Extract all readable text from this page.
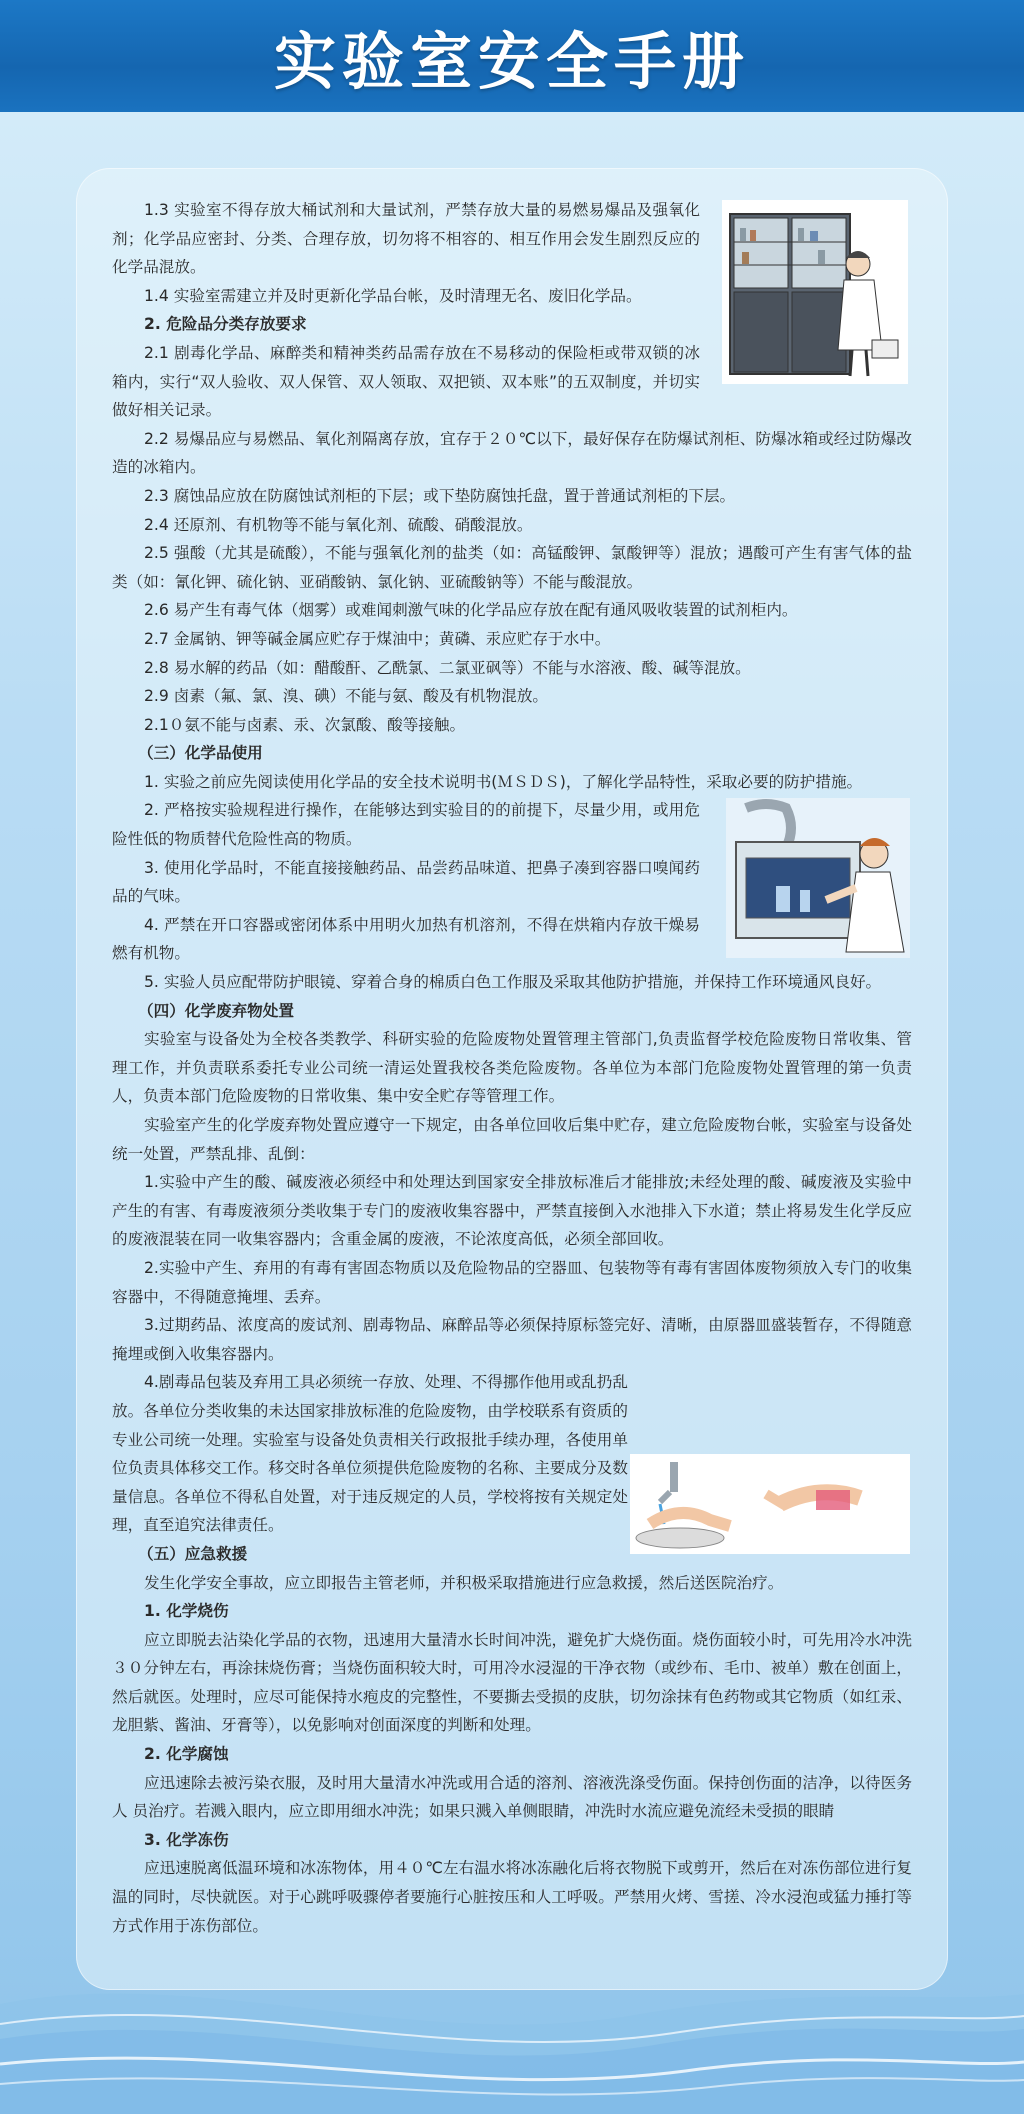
实验室安全手册

1.3 实验室不得存放大桶试剂和大量试剂，严禁存放大量的易燃易爆品及强氧化剂；化学品应密封、分类、合理存放，切勿将不相容的、相互作用会发生剧烈反应的化学品混放。

1.4 实验室需建立并及时更新化学品台帐，及时清理无名、废旧化学品。

2. 危险品分类存放要求

2.1 剧毒化学品、麻醉类和精神类药品需存放在不易移动的保险柜或带双锁的冰箱内，实行“双人验收、双人保管、双人领取、双把锁、双本账”的五双制度，并切实做好相关记录。

2.2 易爆品应与易燃品、氧化剂隔离存放，宜存于２０℃以下，最好保存在防爆试剂柜、防爆冰箱或经过防爆改造的冰箱内。

2.3 腐蚀品应放在防腐蚀试剂柜的下层；或下垫防腐蚀托盘，置于普通试剂柜的下层。

2.4 还原剂、有机物等不能与氧化剂、硫酸、硝酸混放。

2.5 强酸（尤其是硫酸），不能与强氧化剂的盐类（如：高锰酸钾、氯酸钾等）混放；遇酸可产生有害气体的盐类（如：氰化钾、硫化钠、亚硝酸钠、氯化钠、亚硫酸钠等）不能与酸混放。

2.6 易产生有毒气体（烟雾）或难闻刺激气味的化学品应存放在配有通风吸收装置的试剂柜内。

2.7 金属钠、钾等碱金属应贮存于煤油中；黄磷、汞应贮存于水中。

2.8 易水解的药品（如：醋酸酐、乙酰氯、二氯亚砜等）不能与水溶液、酸、碱等混放。

2.9 卤素（氟、氯、溴、碘）不能与氨、酸及有机物混放。

2.1０氨不能与卤素、汞、次氯酸、酸等接触。

（三）化学品使用

1. 实验之前应先阅读使用化学品的安全技术说明书(ＭＳＤＳ)，了解化学品特性，采取必要的防护措施。

2. 严格按实验规程进行操作，在能够达到实验目的的前提下，尽量少用，或用危险性低的物质替代危险性高的物质。

3. 使用化学品时，不能直接接触药品、品尝药品味道、把鼻子凑到容器口嗅闻药品的气味。

4. 严禁在开口容器或密闭体系中用明火加热有机溶剂，不得在烘箱内存放干燥易燃有机物。

5. 实验人员应配带防护眼镜、穿着合身的棉质白色工作服及采取其他防护措施，并保持工作环境通风良好。

（四）化学废弃物处置

实验室与设备处为全校各类教学、科研实验的危险废物处置管理主管部门,负责监督学校危险废物日常收集、管理工作，并负责联系委托专业公司统一清运处置我校各类危险废物。各单位为本部门危险废物处置管理的第一负责人，负责本部门危险废物的日常收集、集中安全贮存等管理工作。

实验室产生的化学废弃物处置应遵守一下规定，由各单位回收后集中贮存，建立危险废物台帐，实验室与设备处统一处置，严禁乱排、乱倒：

1.实验中产生的酸、碱废液必须经中和处理达到国家安全排放标准后才能排放;未经处理的酸、碱废液及实验中产生的有害、有毒废液须分类收集于专门的废液收集容器中，严禁直接倒入水池排入下水道；禁止将易发生化学反应的废液混装在同一收集容器内；含重金属的废液，不论浓度高低，必须全部回收。

2.实验中产生、弃用的有毒有害固态物质以及危险物品的空器皿、包装物等有毒有害固体废物须放入专门的收集容器中，不得随意掩埋、丢弃。

3.过期药品、浓度高的废试剂、剧毒物品、麻醉品等必须保持原标签完好、清晰，由原器皿盛装暂存，不得随意掩埋或倒入收集容器内。

4.剧毒品包装及弃用工具必须统一存放、处理、不得挪作他用或乱扔乱放。各单位分类收集的未达国家排放标准的危险废物，由学校联系有资质的专业公司统一处理。实验室与设备处负责相关行政报批手续办理，各使用单位负责具体移交工作。移交时各单位须提供危险废物的名称、主要成分及数量信息。各单位不得私自处置，对于违反规定的人员，学校将按有关规定处理，直至追究法律责任。

（五）应急救援

发生化学安全事故，应立即报告主管老师，并积极采取措施进行应急救援，然后送医院治疗。

1. 化学烧伤

应立即脱去沾染化学品的衣物，迅速用大量清水长时间冲洗，避免扩大烧伤面。烧伤面较小时，可先用冷水冲洗３０分钟左右，再涂抹烧伤膏；当烧伤面积较大时，可用冷水浸湿的干净衣物（或纱布、毛巾、被单）敷在创面上，然后就医。处理时，应尽可能保持水疱皮的完整性，不要撕去受损的皮肤，切勿涂抹有色药物或其它物质（如红汞、龙胆紫、酱油、牙膏等），以免影响对创面深度的判断和处理。

2. 化学腐蚀

应迅速除去被污染衣服，及时用大量清水冲洗或用合适的溶剂、溶液洗涤受伤面。保持创伤面的洁净，以待医务人 员治疗。若溅入眼内，应立即用细水冲洗；如果只溅入单侧眼睛，冲洗时水流应避免流经未受损的眼睛

3. 化学冻伤

应迅速脱离低温环境和冰冻物体，用４０℃左右温水将冰冻融化后将衣物脱下或剪开，然后在对冻伤部位进行复温的同时，尽快就医。对于心跳呼吸骤停者要施行心脏按压和人工呼吸。严禁用火烤、雪搓、冷水浸泡或猛力捶打等方式作用于冻伤部位。
